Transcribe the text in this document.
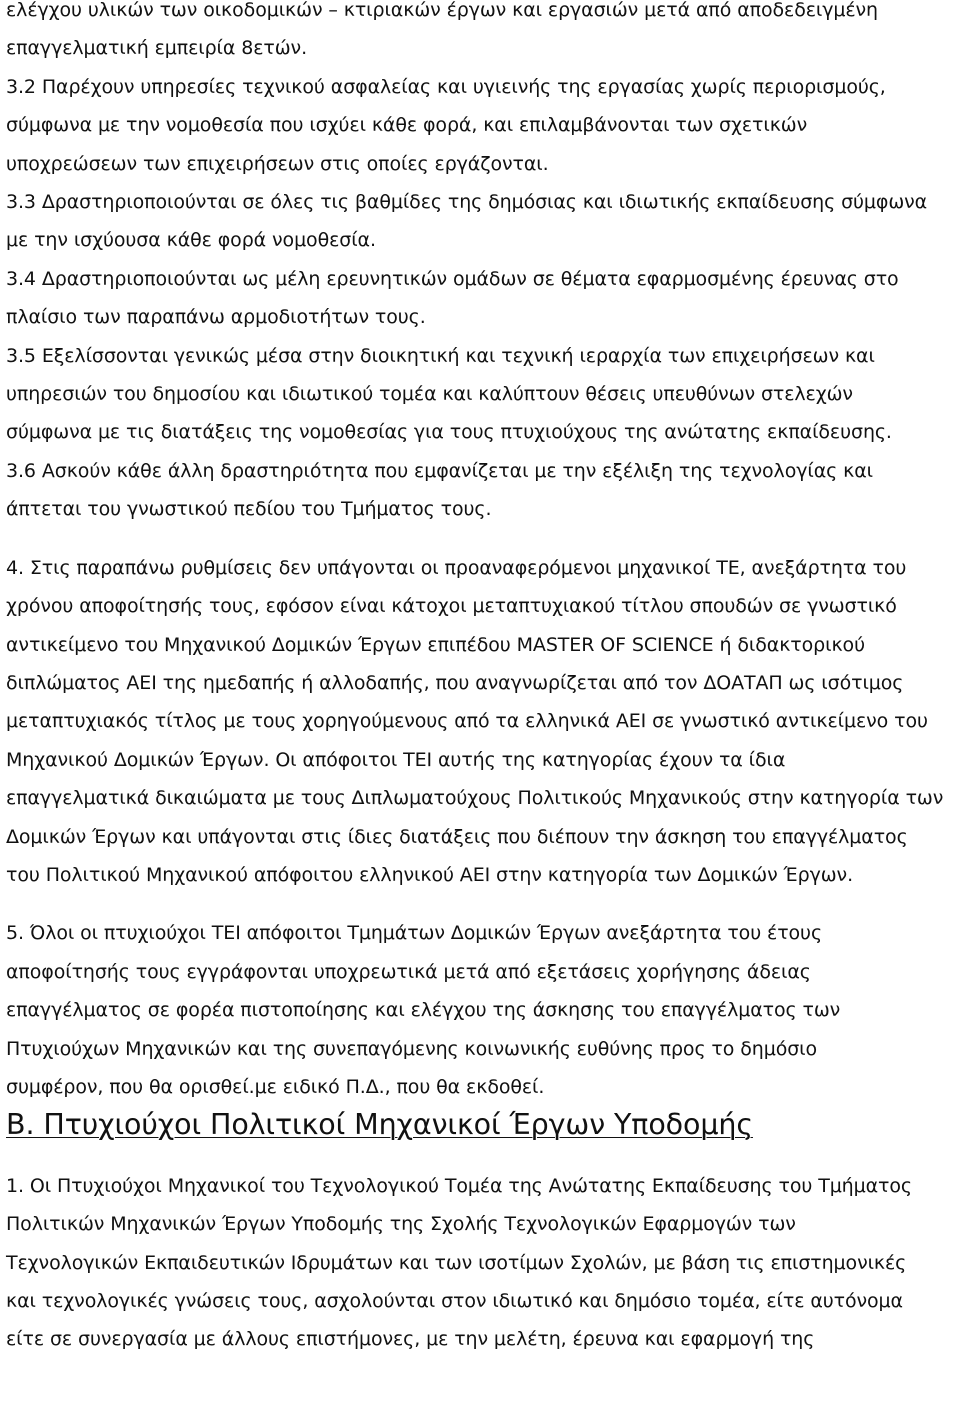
ελέγχου υλικών των οικοδομικών – κτιριακών έργων και εργασιών μετά από αποδεδειγμένη
επαγγελματική εμπειρία 8ετών.

3.2 Παρέχουν υπηρεσίες τεχνικού ασφαλείας και υγιεινής της εργασίας χωρίς περιορισμούς,
σύμφωνα με την νομοθεσία που ισχύει κάθε φορά, και επιλαμβάνονται των σχετικών
υποχρεώσεων των επιχειρήσεων στις οποίες εργάζονται.

3.3 Δραστηριοποιούνται σε όλες τις βαθμίδες της δημόσιας και ιδιωτικής εκπαίδευσης σύμφωνα
με την ισχύουσα κάθε φορά νομοθεσία.

3.4 Δραστηριοποιούνται ως μέλη ερευνητικών ομάδων σε θέματα εφαρμοσμένης έρευνας στο
πλαίσιο των παραπάνω αρμοδιοτήτων τους.

3.5 Εξελίσσονται γενικώς μέσα στην διοικητική και τεχνική ιεραρχία των επιχειρήσεων και
υπηρεσιών του δημοσίου και ιδιωτικού τομέα και καλύπτουν θέσεις υπευθύνων στελεχών
σύμφωνα με τις διατάξεις της νομοθεσίας για τους πτυχιούχους της ανώτατης εκπαίδευσης.

3.6 Ασκούν κάθε άλλη δραστηριότητα που εμφανίζεται με την εξέλιξη της τεχνολογίας και
άπτεται του γνωστικού πεδίου του Τμήματος τους.

4. Στις παραπάνω ρυθμίσεις δεν υπάγονται οι προαναφερόμενοι μηχανικοί ΤΕ, ανεξάρτητα του
χρόνου αποφοίτησής τους, εφόσον είναι κάτοχοι μεταπτυχιακού τίτλου σπουδών σε γνωστικό
αντικείμενο του Μηχανικού Δομικών Έργων επιπέδου MASTER OF SCIENCE ή διδακτορικού
διπλώματος ΑΕΙ της ημεδαπής ή αλλοδαπής, που αναγνωρίζεται από τον ΔΟΑΤΑΠ ως ισότιμος
μεταπτυχιακός τίτλος με τους χορηγούμενους από τα ελληνικά ΑΕΙ σε γνωστικό αντικείμενο του
Μηχανικού Δομικών Έργων. Οι απόφοιτοι ΤΕΙ αυτής της κατηγορίας έχουν τα ίδια
επαγγελματικά δικαιώματα με τους Διπλωματούχους Πολιτικούς Μηχανικούς στην κατηγορία των
Δομικών Έργων και υπάγονται στις ίδιες διατάξεις που διέπουν την άσκηση του επαγγέλματος
του Πολιτικού Μηχανικού απόφοιτου ελληνικού ΑΕΙ στην κατηγορία των Δομικών Έργων.

5. Όλοι οι πτυχιούχοι ΤΕΙ απόφοιτοι Τμημάτων Δομικών Έργων ανεξάρτητα του έτους
αποφοίτησής τους εγγράφονται υποχρεωτικά μετά από εξετάσεις χορήγησης άδειας
επαγγέλματος σε φορέα πιστοποίησης και ελέγχου της άσκησης του επαγγέλματος των
Πτυχιούχων Μηχανικών και της συνεπαγόμενης κοινωνικής ευθύνης προς το δημόσιο
συμφέρον, που θα ορισθεί.με ειδικό Π.Δ., που θα εκδοθεί.

Β. Πτυχιούχοι Πολιτικοί Μηχανικοί Έργων Υποδομής

1. Οι Πτυχιούχοι Μηχανικοί του Τεχνολογικού Τομέα της Ανώτατης Εκπαίδευσης του Τμήματος
Πολιτικών Μηχανικών Έργων Υποδομής της Σχολής Τεχνολογικών Εφαρμογών των
Τεχνολογικών Εκπαιδευτικών Ιδρυμάτων και των ισοτίμων Σχολών, με βάση τις επιστημονικές
και τεχνολογικές γνώσεις τους, ασχολούνται στον ιδιωτικό και δημόσιο τομέα, είτε αυτόνομα
είτε σε συνεργασία με άλλους επιστήμονες, με την μελέτη, έρευνα και εφαρμογή της
